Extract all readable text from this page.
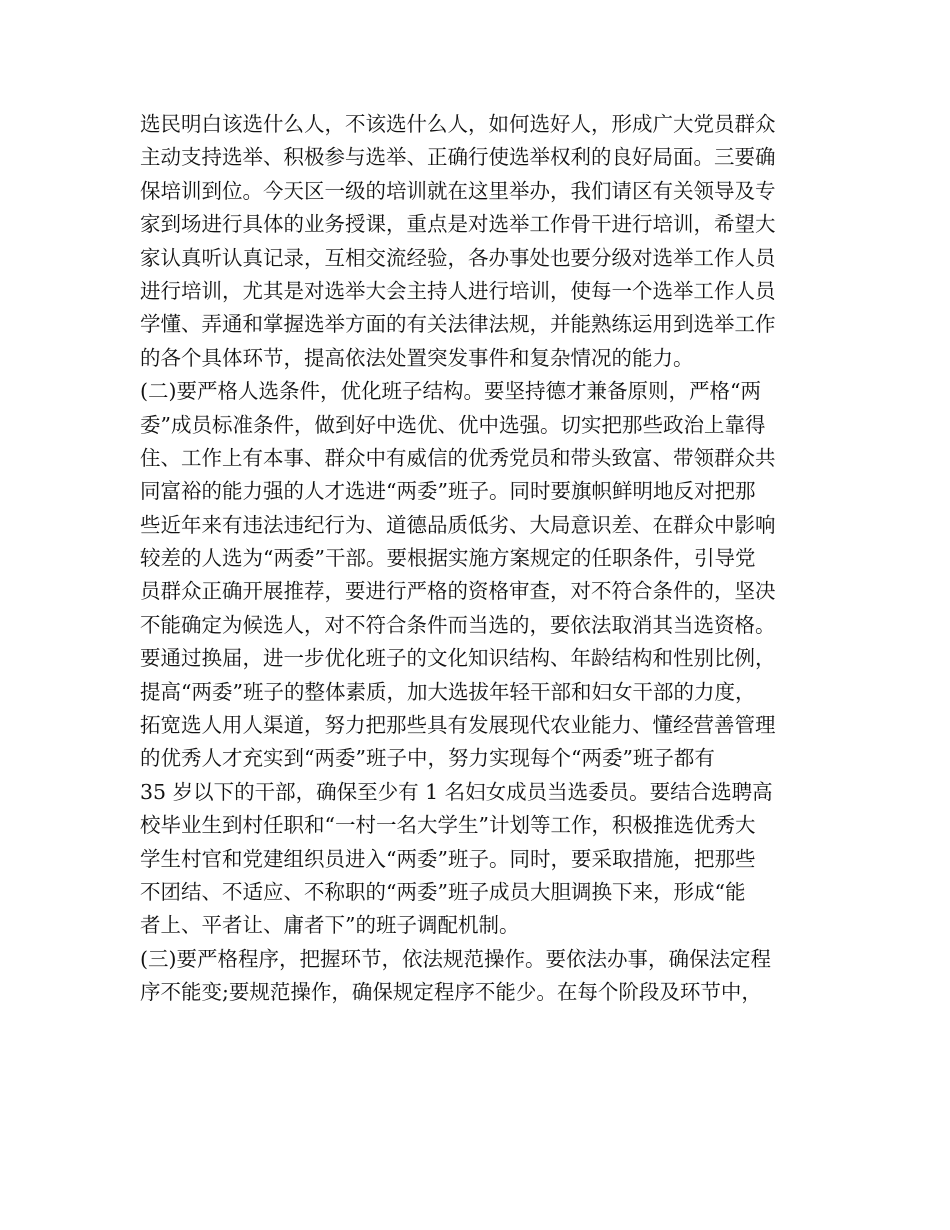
选民明白该选什么人，不该选什么人，如何选好人，形成广大党员群众
主动支持选举、积极参与选举、正确行使选举权利的良好局面。三要确
保培训到位。今天区一级的培训就在这里举办，我们请区有关领导及专
家到场进行具体的业务授课，重点是对选举工作骨干进行培训，希望大
家认真听认真记录，互相交流经验，各办事处也要分级对选举工作人员
进行培训，尤其是对选举大会主持人进行培训，使每一个选举工作人员
学懂、弄通和掌握选举方面的有关法律法规，并能熟练运用到选举工作
的各个具体环节，提高依法处置突发事件和复杂情况的能力。
(二)要严格人选条件，优化班子结构。要坚持德才兼备原则，严格“两
委”成员标准条件，做到好中选优、优中选强。切实把那些政治上靠得
住、工作上有本事、群众中有威信的优秀党员和带头致富、带领群众共
同富裕的能力强的人才选进“两委”班子。同时要旗帜鲜明地反对把那
些近年来有违法违纪行为、道德品质低劣、大局意识差、在群众中影响
较差的人选为“两委”干部。要根据实施方案规定的任职条件，引导党
员群众正确开展推荐，要进行严格的资格审查，对不符合条件的，坚决
不能确定为候选人，对不符合条件而当选的，要依法取消其当选资格。
要通过换届，进一步优化班子的文化知识结构、年龄结构和性别比例，
提高“两委”班子的整体素质，加大选拔年轻干部和妇女干部的力度，
拓宽选人用人渠道，努力把那些具有发展现代农业能力、懂经营善管理
的优秀人才充实到“两委”班子中，努力实现每个“两委”班子都有
35 岁以下的干部，确保至少有 1 名妇女成员当选委员。要结合选聘高
校毕业生到村任职和“一村一名大学生”计划等工作，积极推选优秀大
学生村官和党建组织员进入“两委”班子。同时，要采取措施，把那些
不团结、不适应、不称职的“两委”班子成员大胆调换下来，形成“能
者上、平者让、庸者下”的班子调配机制。
(三)要严格程序，把握环节，依法规范操作。要依法办事，确保法定程
序不能变;要规范操作，确保规定程序不能少。在每个阶段及环节中，
